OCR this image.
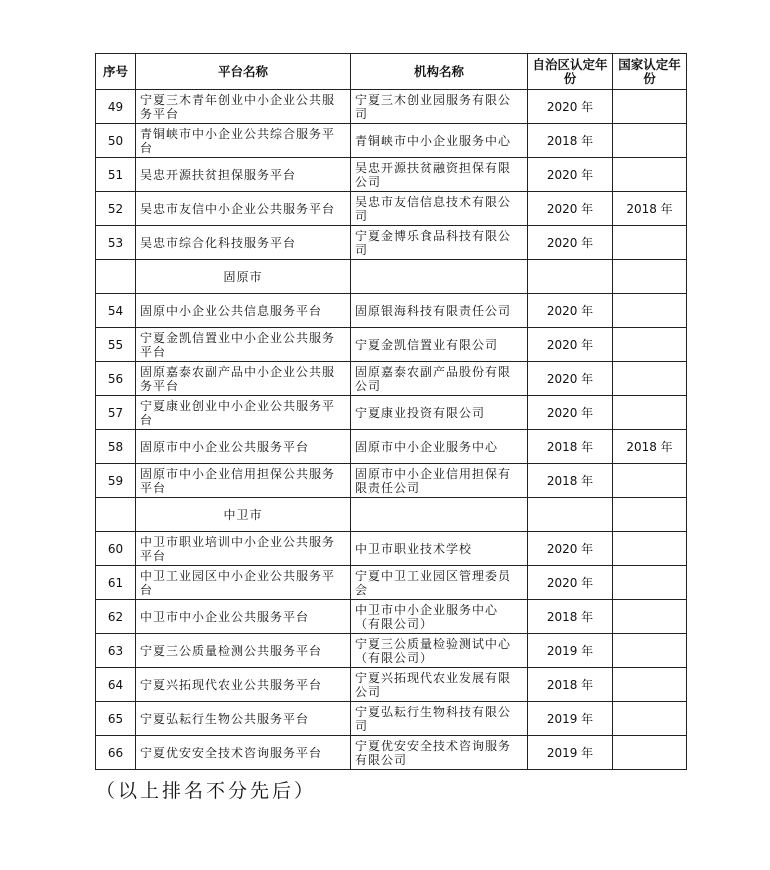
序号	平台名称	机构名称	自治区认定年份	国家认定年份
49	宁夏三木青年创业中小企业公共服务平台	宁夏三木创业园服务有限公司	2020 年	
50	青铜峡市中小企业公共综合服务平台	青铜峡市中小企业服务中心	2018 年	
51	吴忠开源扶贫担保服务平台	吴忠开源扶贫融资担保有限公司	2020 年	
52	吴忠市友信中小企业公共服务平台	吴忠市友信信息技术有限公司	2020 年	2018 年
53	吴忠市综合化科技服务平台	宁夏金博乐食品科技有限公司	2020 年	
	固原市			
54	固原中小企业公共信息服务平台	固原银海科技有限责任公司	2020 年	
55	宁夏金凯信置业中小企业公共服务平台	宁夏金凯信置业有限公司	2020 年	
56	固原嘉泰农副产品中小企业公共服务平台	固原嘉泰农副产品股份有限公司	2020 年	
57	宁夏康业创业中小企业公共服务平台	宁夏康业投资有限公司	2020 年	
58	固原市中小企业公共服务平台	固原市中小企业服务中心	2018 年	2018 年
59	固原市中小企业信用担保公共服务平台	固原市中小企业信用担保有限责任公司	2018 年	
	中卫市			
60	中卫市职业培训中小企业公共服务平台	中卫市职业技术学校	2020 年	
61	中卫工业园区中小企业公共服务平台	宁夏中卫工业园区管理委员会	2020 年	
62	中卫市中小企业公共服务平台	中卫市中小企业服务中心（有限公司）	2018 年	
63	宁夏三公质量检测公共服务平台	宁夏三公质量检验测试中心（有限公司）	2019 年	
64	宁夏兴拓现代农业公共服务平台	宁夏兴拓现代农业发展有限公司	2018 年	
65	宁夏弘耘行生物公共服务平台	宁夏弘耘行生物科技有限公司	2019 年	
66	宁夏优安安全技术咨询服务平台	宁夏优安安全技术咨询服务有限公司	2019 年	
（以上排名不分先后）
